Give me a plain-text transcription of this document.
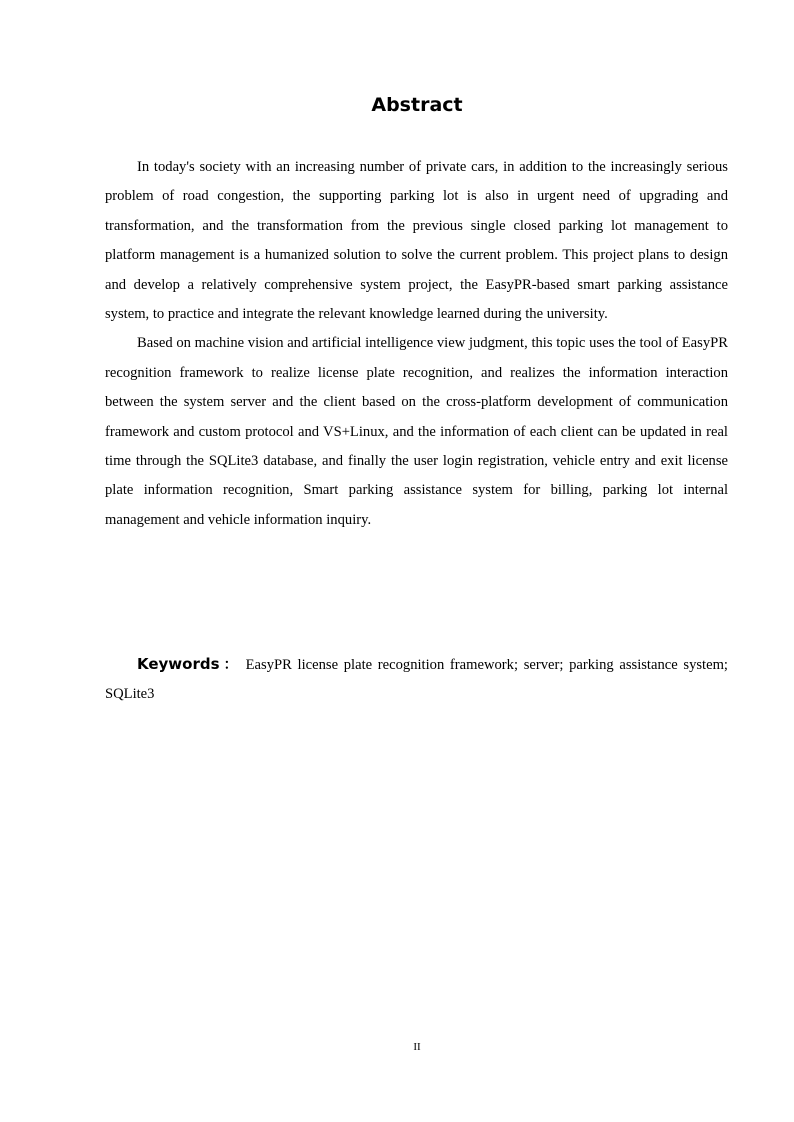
Abstract

In today's society with an increasing number of private cars, in addition to the increasingly serious problem of road congestion, the supporting parking lot is also in urgent need of upgrading and transformation, and the transformation from the previous single closed parking lot management to platform management is a humanized solution to solve the current problem. This project plans to design and develop a relatively comprehensive system project, the EasyPR-based smart parking assistance system, to practice and integrate the relevant knowledge learned during the university.

Based on machine vision and artificial intelligence view judgment, this topic uses the tool of EasyPR recognition framework to realize license plate recognition, and realizes the information interaction between the system server and the client based on the cross-platform development of communication framework and custom protocol and VS+Linux, and the information of each client can be updated in real time through the SQLite3 database, and finally the user login registration, vehicle entry and exit license plate information recognition, Smart parking assistance system for billing, parking lot internal management and vehicle information inquiry.

Keywords ： EasyPR license plate recognition framework; server; parking assistance system; SQLite3
II
